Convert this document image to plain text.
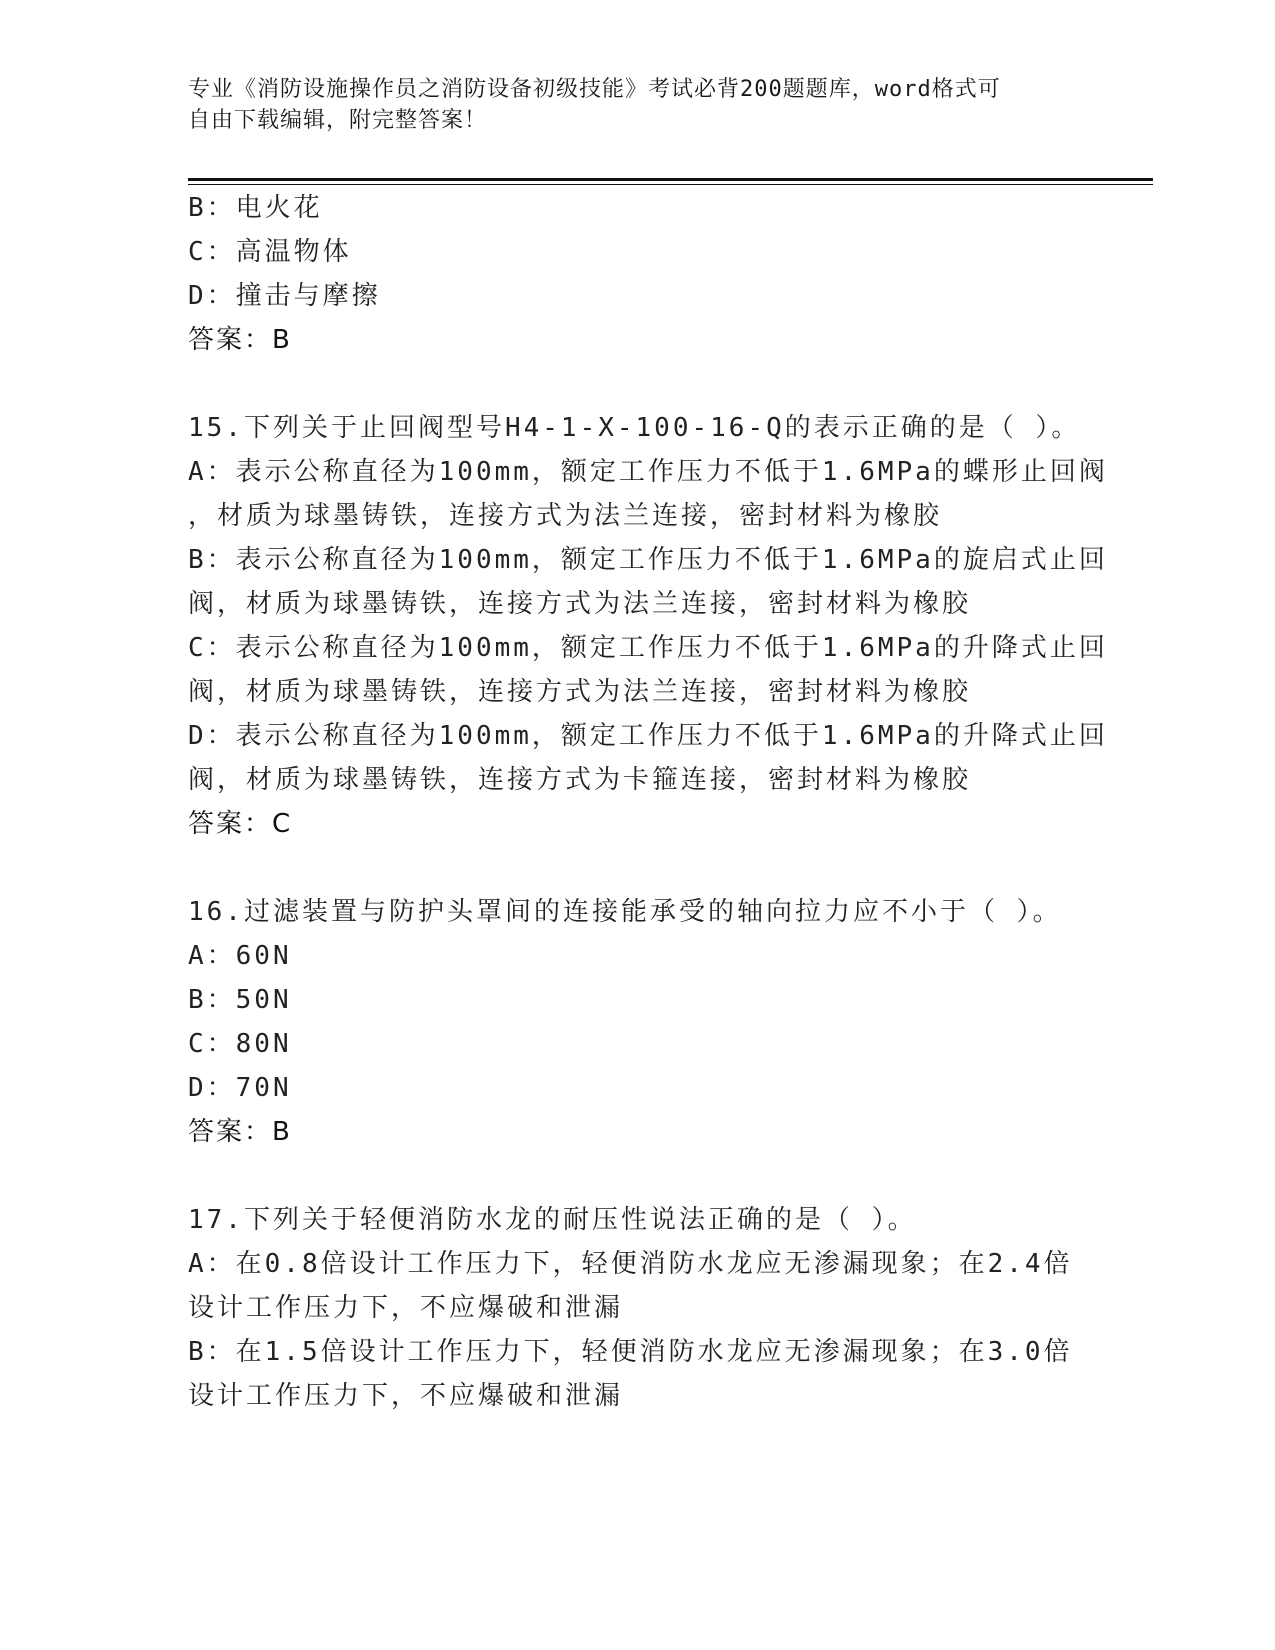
专业《消防设施操作员之消防设备初级技能》考试必背200题题库，word格式可
自由下载编辑，附完整答案！
B：电火花
C：高温物体
D：撞击与摩擦
答案：B
15.下列关于止回阀型号H4-1-X-100-16-Q的表示正确的是（ ）。
A：表示公称直径为100mm，额定工作压力不低于1.6MPa的蝶形止回阀
，材质为球墨铸铁，连接方式为法兰连接，密封材料为橡胶
B：表示公称直径为100mm，额定工作压力不低于1.6MPa的旋启式止回
阀，材质为球墨铸铁，连接方式为法兰连接，密封材料为橡胶
C：表示公称直径为100mm，额定工作压力不低于1.6MPa的升降式止回
阀，材质为球墨铸铁，连接方式为法兰连接，密封材料为橡胶
D：表示公称直径为100mm，额定工作压力不低于1.6MPa的升降式止回
阀，材质为球墨铸铁，连接方式为卡箍连接，密封材料为橡胶
答案：C
16.过滤装置与防护头罩间的连接能承受的轴向拉力应不小于（ ）。
A：60N
B：50N
C：80N
D：70N
答案：B
17.下列关于轻便消防水龙的耐压性说法正确的是（ ）。
A：在0.8倍设计工作压力下，轻便消防水龙应无渗漏现象；在2.4倍
设计工作压力下，不应爆破和泄漏
B：在1.5倍设计工作压力下，轻便消防水龙应无渗漏现象；在3.0倍
设计工作压力下，不应爆破和泄漏
